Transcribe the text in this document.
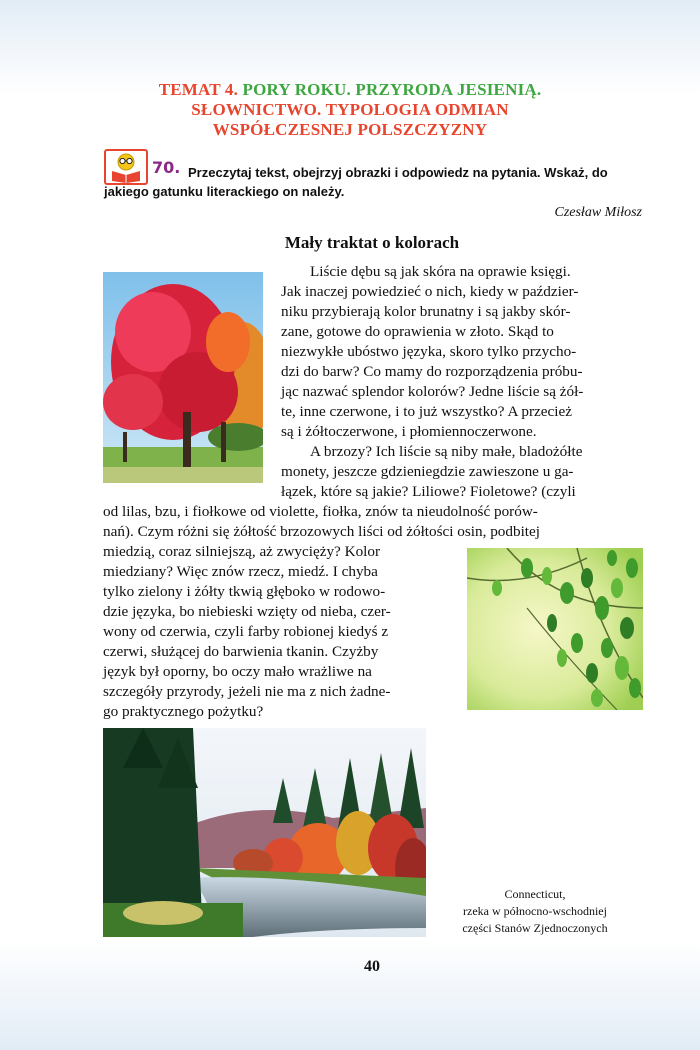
TEMAT 4. PORY ROKU. PRZYRODA JESIENIĄ.
SŁOWNICTWO. TYPOLOGIA ODMIAN
WSPÓŁCZESNEJ POLSZCZYZNY
70. Przeczytaj tekst, obejrzyj obrazki i odpowiedz na pytania. Wskaż, do jakiego gatunku literackiego on należy.
Czesław Miłosz
Mały traktat o kolorach
Liście dębu są jak skóra na oprawie księgi.
Jak inaczej powiedzieć o nich, kiedy w paździer-
niku przybierają kolor brunatny i są jakby skór-
zane, gotowe do oprawienia w złoto. Skąd to
niezwykłe ubóstwo języka, skoro tylko przycho-
dzi do barw? Co mamy do rozporządzenia próbu-
jąc nazwać splendor kolorów? Jedne liście są żół-
te, inne czerwone, i to już wszystko? A przecież
są i żółtoczerwone, i płomiennoczerwone.
A brzozy? Ich liście są niby małe, bladożółte
monety, jeszcze gdzieniegdzie zawieszone u ga-
łązek, które są jakie? Liliowe? Fioletowe? (czyli
od lilas, bzu, i fiołkowe od violette, fiołka, znów ta nieudolność porów-
nań). Czym różni się żółtość brzozowych liści od żółtości osin, podbitej
miedzią, coraz silniejszą, aż zwycięży? Kolor
miedziany? Więc znów rzecz, miedź. I chyba
tylko zielony i żółty tkwią głęboko w rodowo-
dzie języka, bo niebieski wzięty od nieba, czer-
wony od czerwia, czyli farby robionej kiedyś z
czerwi, służącej do barwienia tkanin. Czyżby
język był oporny, bo oczy mało wrażliwe na
szczegóły przyrody, jeżeli nie ma z nich żadne-
go praktycznego pożytku?
Connecticut,
rzeka w północno-wschodniej
części Stanów Zjednoczonych
40
